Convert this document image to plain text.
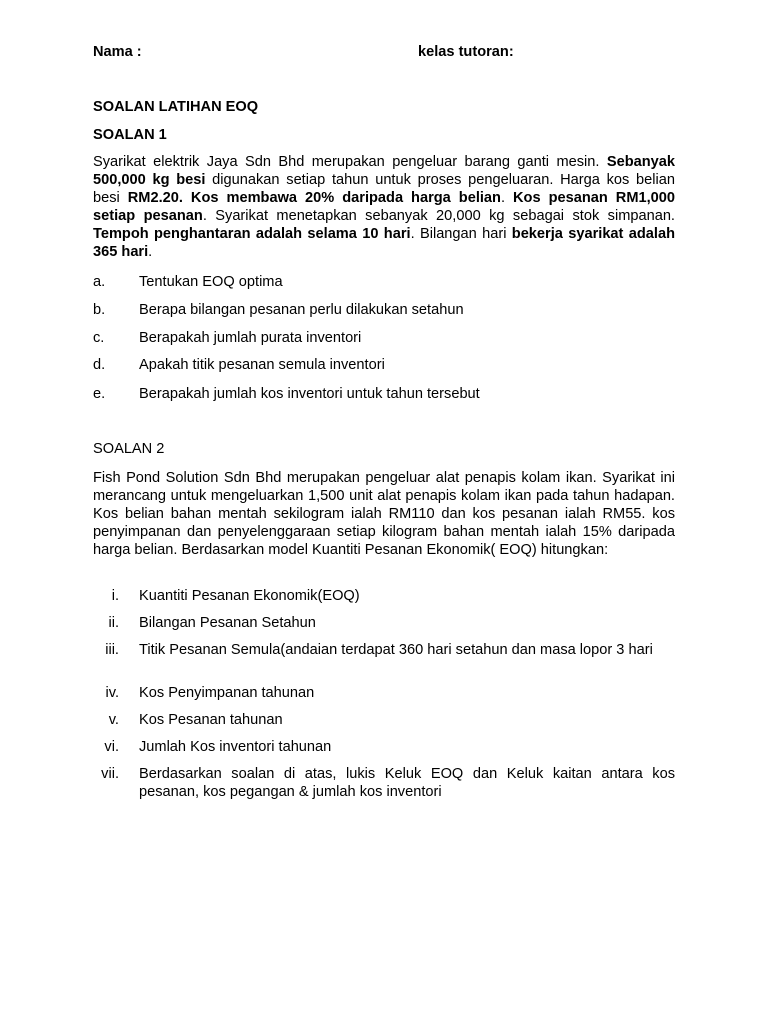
Nama :	kelas tutoran:
SOALAN LATIHAN EOQ
SOALAN 1
Syarikat elektrik Jaya Sdn Bhd merupakan pengeluar barang ganti mesin. Sebanyak 500,000 kg besi digunakan setiap tahun untuk proses pengeluaran. Harga kos belian besi RM2.20. Kos membawa 20% daripada harga belian. Kos pesanan RM1,000 setiap pesanan. Syarikat menetapkan sebanyak 20,000 kg sebagai stok simpanan. Tempoh penghantaran adalah selama 10 hari. Bilangan hari bekerja syarikat adalah 365 hari.
a. Tentukan EOQ optima
b. Berapa bilangan pesanan perlu dilakukan setahun
c. Berapakah jumlah purata inventori
d. Apakah titik pesanan semula inventori
e. Berapakah jumlah kos inventori untuk tahun tersebut
SOALAN 2
Fish Pond Solution Sdn Bhd merupakan pengeluar alat penapis kolam ikan. Syarikat ini merancang untuk mengeluarkan 1,500 unit alat penapis kolam ikan pada tahun hadapan. Kos belian bahan mentah sekilogram ialah RM110 dan kos pesanan ialah RM55. kos penyimpanan dan penyelenggaraan setiap kilogram bahan mentah ialah 15% daripada harga belian. Berdasarkan model Kuantiti Pesanan Ekonomik( EOQ) hitungkan:
i. Kuantiti Pesanan Ekonomik(EOQ)
ii. Bilangan Pesanan Setahun
iii. Titik Pesanan Semula(andaian terdapat 360 hari setahun dan masa lopor 3 hari
iv. Kos Penyimpanan tahunan
v. Kos Pesanan tahunan
vi. Jumlah Kos inventori tahunan
vii. Berdasarkan soalan di atas, lukis Keluk EOQ dan Keluk kaitan antara kos pesanan, kos pegangan & jumlah kos inventori
